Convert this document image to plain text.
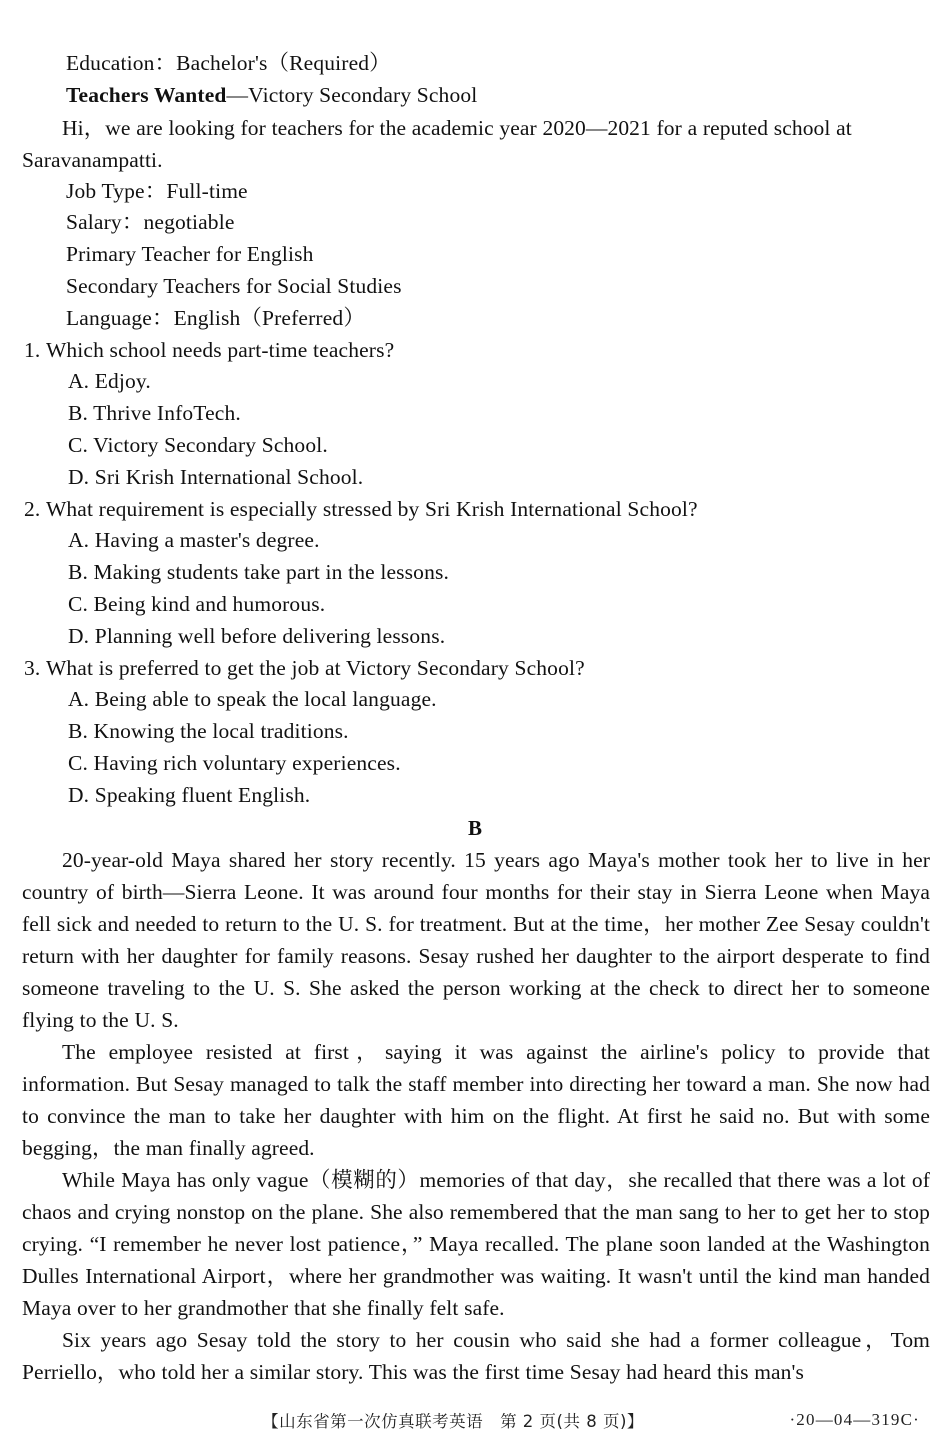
Education：Bachelor's（Required）
Teachers Wanted—Victory Secondary School

Hi，we are looking for teachers for the academic year 2020—2021 for a reputed school at Saravanampatti.

Job Type：Full-time
Salary：negotiable
Primary Teacher for English
Secondary Teachers for Social Studies
Language：English（Preferred）
1. Which school needs part-time teachers?
A. Edjoy.
B. Thrive InfoTech.
C. Victory Secondary School.
D. Sri Krish International School.
2. What requirement is especially stressed by Sri Krish International School?
A. Having a master's degree.
B. Making students take part in the lessons.
C. Being kind and humorous.
D. Planning well before delivering lessons.
3. What is preferred to get the job at Victory Secondary School?
A. Being able to speak the local language.
B. Knowing the local traditions.
C. Having rich voluntary experiences.
D. Speaking fluent English.
B

20-year-old Maya shared her story recently. 15 years ago Maya's mother took her to live in her country of birth—Sierra Leone. It was around four months for their stay in Sierra Leone when Maya fell sick and needed to return to the U. S. for treatment. But at the time，her mother Zee Sesay couldn't return with her daughter for family reasons. Sesay rushed her daughter to the airport desperate to find someone traveling to the U. S. She asked the person working at the check to direct her to someone flying to the U. S.

The employee resisted at first，saying it was against the airline's policy to provide that information. But Sesay managed to talk the staff member into directing her toward a man. She now had to convince the man to take her daughter with him on the flight. At first he said no. But with some begging，the man finally agreed.

While Maya has only vague（模糊的）memories of that day，she recalled that there was a lot of chaos and crying nonstop on the plane. She also remembered that the man sang to her to get her to stop crying. “I remember he never lost patience，” Maya recalled. The plane soon landed at the Washington Dulles International Airport，where her grandmother was waiting. It wasn't until the kind man handed Maya over to her grandmother that she finally felt safe.

Six years ago Sesay told the story to her cousin who said she had a former colleague，Tom Perriello，who told her a similar story. This was the first time Sesay had heard this man's

【山东省第一次仿真联考英语　第 2 页(共 8 页)】	·20—04—319C·
